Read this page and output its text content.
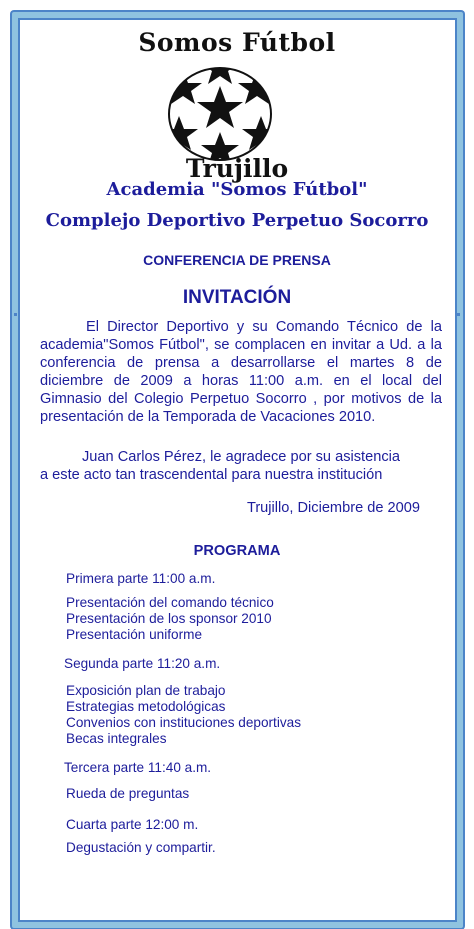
Somos Fútbol
Trujillo
Academia "Somos Fútbol"
Complejo Deportivo Perpetuo Socorro
CONFERENCIA DE PRENSA
INVITACIÓN
El Director Deportivo y su Comando Técnico de la academia"Somos Fútbol", se complacen en invitar a Ud. a la conferencia de prensa a desarrollarse el martes 8 de diciembre de 2009 a horas 11:00 a.m. en el local del Gimnasio del Colegio Perpetuo Socorro , por motivos de la presentación de la Temporada de Vacaciones 2010.
Juan Carlos Pérez, le agradece por su asistencia
a este acto tan trascendental para nuestra institución
Trujillo, Diciembre de 2009
PROGRAMA
Primera parte 11:00 a.m.
Presentación del comando técnico
Presentación de los sponsor 2010
Presentación uniforme
Segunda parte 11:20 a.m.
Exposición plan de trabajo
Estrategias metodológicas
Convenios con instituciones deportivas
Becas integrales
Tercera parte 11:40 a.m.
Rueda de preguntas
Cuarta parte 12:00 m.
Degustación y compartir.
